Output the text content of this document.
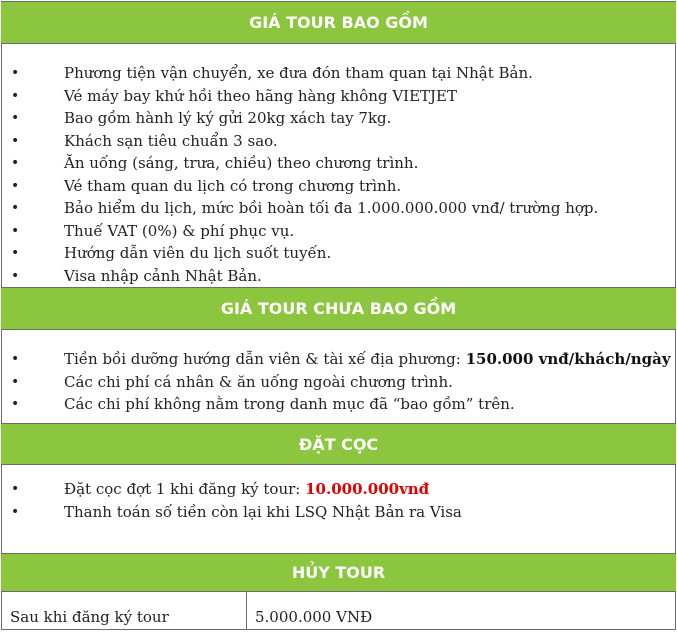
GIÁ TOUR BAO GỒM
•	Phương tiện vận chuyển, xe đưa đón tham quan tại Nhật Bản.
•	Vé máy bay khứ hồi theo hãng hàng không VIETJET
•	Bao gồm hành lý ký gửi 20kg xách tay 7kg.
•	Khách sạn tiêu chuẩn 3 sao.
•	Ăn uống (sáng, trưa, chiều) theo chương trình.
•	Vé tham quan du lịch có trong chương trình.
•	Bảo hiểm du lịch, mức bồi hoàn tối đa 1.000.000.000 vnđ/ trường hợp.
•	Thuế VAT (0%) & phí phục vụ.
•	Hướng dẫn viên du lịch suốt tuyến.
•	Visa nhập cảnh Nhật Bản.
GIÁ TOUR CHƯA BAO GỒM
•	Tiền bồi dưỡng hướng dẫn viên & tài xế địa phương: 150.000 vnđ/khách/ngày
•	Các chi phí cá nhân & ăn uống ngoài chương trình.
•	Các chi phí không nằm trong danh mục đã “bao gồm” trên.
ĐẶT CỌC
•	Đặt cọc đợt 1 khi đăng ký tour: 10.000.000vnđ
•	Thanh toán số tiền còn lại khi LSQ Nhật Bản ra Visa
HỦY TOUR
Sau khi đăng ký tour	5.000.000 VNĐ
